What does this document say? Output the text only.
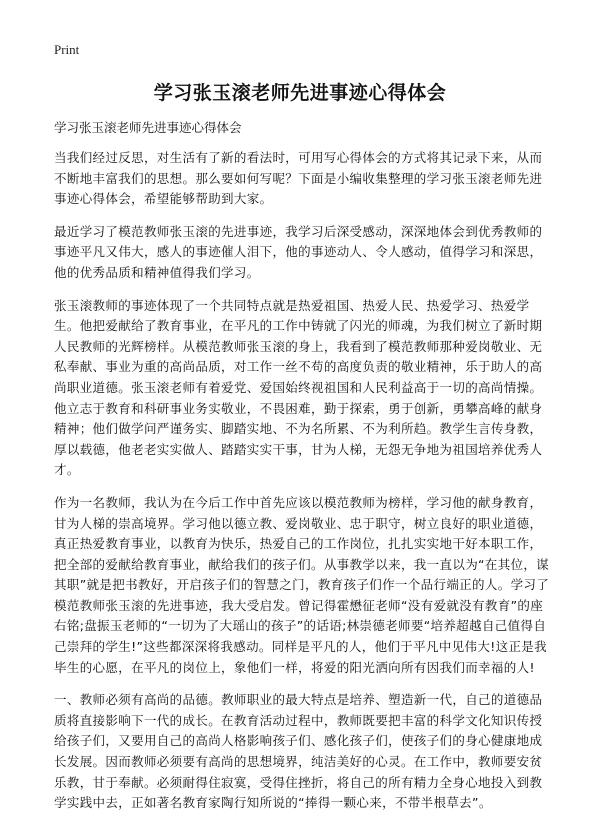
Print
学习张玉滚老师先进事迹心得体会

学习张玉滚老师先进事迹心得体会

当我们经过反思，对生活有了新的看法时，可用写心得体会的方式将其记录下来，从而不断地丰富我们的思想。那么要如何写呢？下面是小编收集整理的学习张玉滚老师先进事迹心得体会，希望能够帮助到大家。

最近学习了模范教师张玉滚的先进事迹，我学习后深受感动，深深地体会到优秀教师的事迹平凡又伟大，感人的事迹催人泪下，他的事迹动人、令人感动，值得学习和深思，他的优秀品质和精神值得我们学习。

张玉滚教师的事迹体现了一个共同特点就是热爱祖国、热爱人民、热爱学习、热爱学生。他把爱献给了教育事业，在平凡的工作中铸就了闪光的师魂，为我们树立了新时期人民教师的光辉榜样。从模范教师张玉滚的身上，我看到了模范教师那种爱岗敬业、无私奉献、事业为重的高尚品质，对工作一丝不苟的高度负责的敬业精神，乐于助人的高尚职业道德。张玉滚老师有着爱党、爱国始终视祖国和人民利益高于一切的高尚情操。他立志于教育和科研事业务实敬业，不畏困难，勤于探索，勇于创新，勇攀高峰的献身精神；他们做学问严谨务实、脚踏实地、不为名所累、不为利所趋。教学生言传身教，厚以载德，他老老实实做人、踏踏实实干事，甘为人梯，无怨无争地为祖国培养优秀人才。

作为一名教师，我认为在今后工作中首先应该以模范教师为榜样，学习他的献身教育，甘为人梯的崇高境界。学习他以德立教、爱岗敬业、忠于职守，树立良好的职业道德，真正热爱教育事业，以教育为快乐，热爱自己的工作岗位，扎扎实实地干好本职工作，把全部的爱献给教育事业，献给我们的孩子们。从事教学以来，我一直以为“在其位，谋其职”就是把书教好，开启孩子们的智慧之门，教育孩子们作一个品行端正的人。学习了模范教师张玉滚的先进事迹，我大受启发。曾记得霍懋征老师“没有爱就没有教育”的座右铭;盘振玉老师的“一切为了大瑶山的孩子”的话语;林崇德老师要“培养超越自己值得自己崇拜的学生!”这些都深深将我感动。同样是平凡的人，他们于平凡中见伟大!这正是我毕生的心愿，在平凡的岗位上，象他们一样，将爱的阳光洒向所有因我们而幸福的人!

一、教师必须有高尚的品德。教师职业的最大特点是培养、塑造新一代，自己的道德品质将直接影响下一代的成长。在教育活动过程中，教师既要把丰富的科学文化知识传授给孩子们，又要用自己的高尚人格影响孩子们、感化孩子们，使孩子们的身心健康地成长发展。因而教师必须要有高尚的思想境界，纯洁美好的心灵。在工作中，教师要安贫乐教，甘于奉献。必须耐得住寂寞，受得住挫折，将自己的所有精力全身心地投入到教学实践中去，正如著名教育家陶行知所说的“捧得一颗心来，不带半根草去”。
